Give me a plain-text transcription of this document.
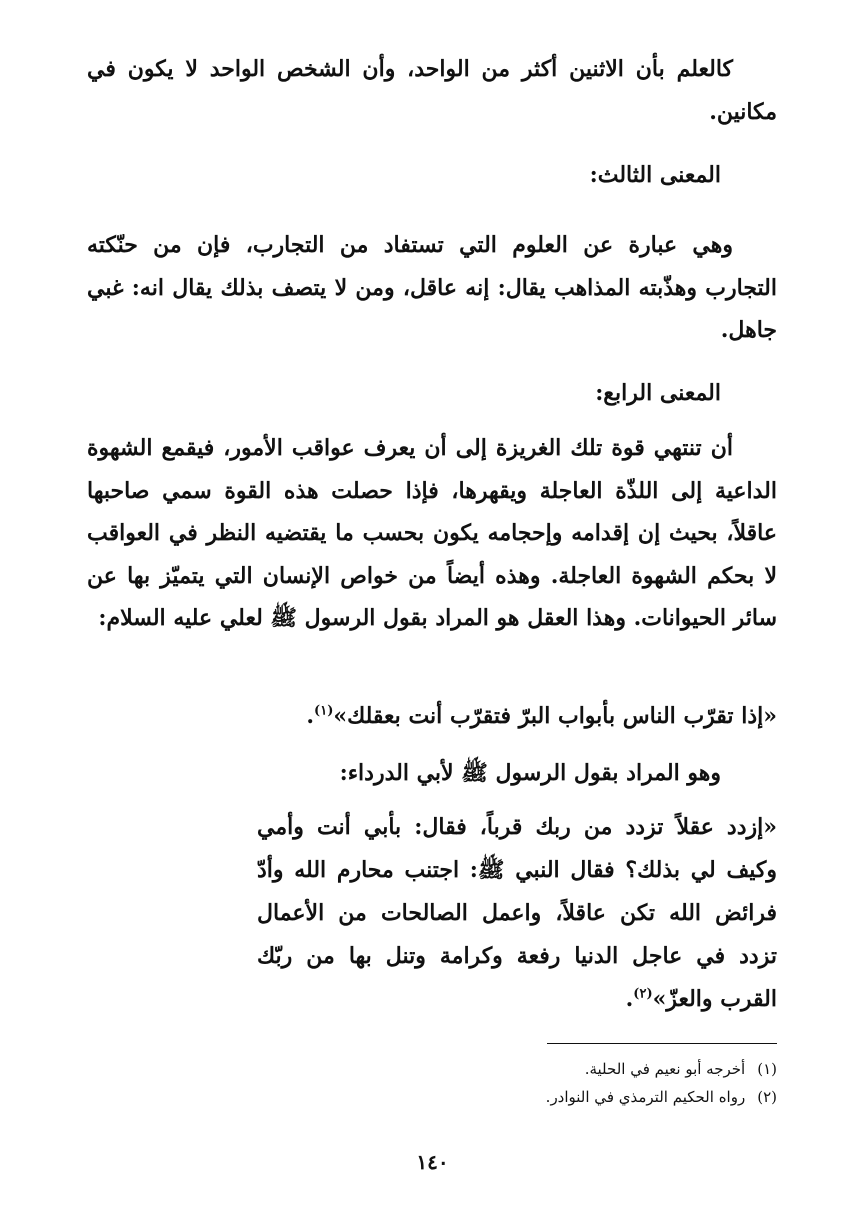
كالعلم بأن الاثنين أكثر من الواحد، وأن الشخص الواحد لا يكون في مكانين.
المعنى الثالث:
وهي عبارة عن العلوم التي تستفاد من التجارب، فإن من حنّكته التجارب وهذّبته المذاهب يقال: إنه عاقل، ومن لا يتصف بذلك يقال انه: غبي جاهل.
المعنى الرابع:
أن تنتهي قوة تلك الغريزة إلى أن يعرف عواقب الأمور، فيقمع الشهوة الداعية إلى اللذّة العاجلة ويقهرها، فإذا حصلت هذه القوة سمي صاحبها عاقلاً، بحيث إن إقدامه وإحجامه يكون بحسب ما يقتضيه النظر في العواقب لا بحكم الشهوة العاجلة. وهذه أيضاً من خواص الإنسان التي يتميّز بها عن سائر الحيوانات. وهذا العقل هو المراد بقول الرسول ﷺ لعلي عليه السلام:
«إذا تقرّب الناس بأبواب البرّ فتقرّب أنت بعقلك»$^{(١)}$.
وهو المراد بقول الرسول ﷺ لأبي الدرداء:
«إزدد عقلاً تزدد من ربك قرباً، فقال: بأبي أنت وأمي وكيف لي بذلك؟ فقال النبي ﷺ: اجتنب محارم الله وأدّ فرائض الله تكن عاقلاً، واعمل الصالحات من الأعمال تزدد في عاجل الدنيا رفعة وكرامة وتنل بها من ربّك القرب والعزّ»$^{(٢)}$.
(١)أخرجه أبو نعيم في الحلية.
(٢)رواه الحكيم الترمذي في النوادر.
١٤٠
